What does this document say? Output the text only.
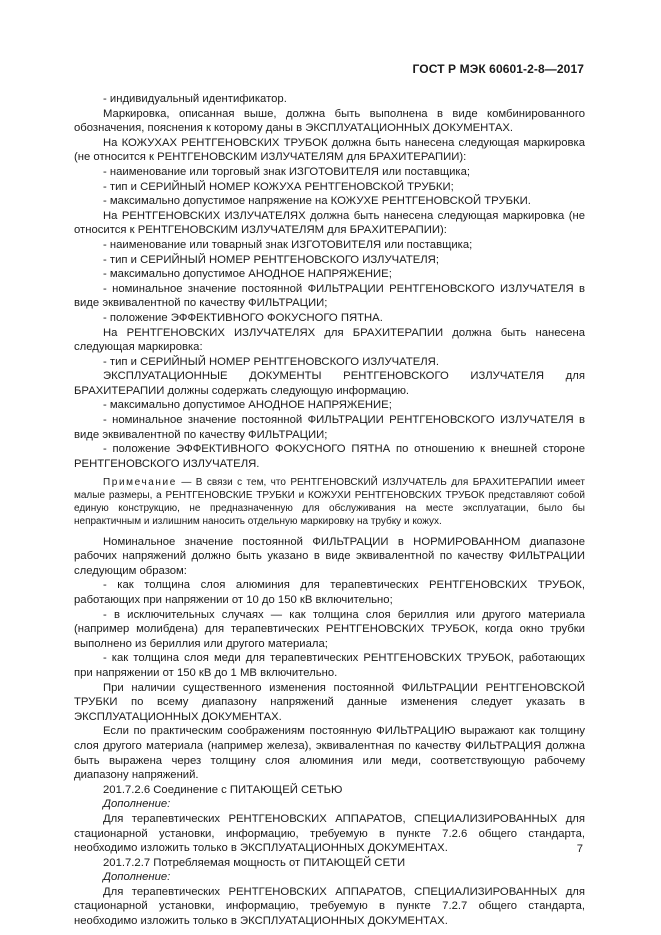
ГОСТ Р МЭК 60601-2-8—2017

- индивидуальный идентификатор.

Маркировка, описанная выше, должна быть выполнена в виде комбинированного обозначения, пояснения к которому даны в ЭКСПЛУАТАЦИОННЫХ ДОКУМЕНТАХ.

На КОЖУХАХ РЕНТГЕНОВСКИХ ТРУБОК должна быть нанесена следующая маркировка (не относится к РЕНТГЕНОВСКИМ ИЗЛУЧАТЕЛЯМ для БРАХИТЕРАПИИ):

- наименование или торговый знак ИЗГОТОВИТЕЛЯ или поставщика;

- тип и СЕРИЙНЫЙ НОМЕР КОЖУХА РЕНТГЕНОВСКОЙ ТРУБКИ;

- максимально допустимое напряжение на КОЖУХЕ РЕНТГЕНОВСКОЙ ТРУБКИ.

На РЕНТГЕНОВСКИХ ИЗЛУЧАТЕЛЯХ должна быть нанесена следующая маркировка (не относится к РЕНТГЕНОВСКИМ ИЗЛУЧАТЕЛЯМ для БРАХИТЕРАПИИ):

- наименование или товарный знак ИЗГОТОВИТЕЛЯ или поставщика;

- тип и СЕРИЙНЫЙ НОМЕР РЕНТГЕНОВСКОГО ИЗЛУЧАТЕЛЯ;

- максимально допустимое АНОДНОЕ НАПРЯЖЕНИЕ;

- номинальное значение постоянной ФИЛЬТРАЦИИ РЕНТГЕНОВСКОГО ИЗЛУЧАТЕЛЯ в виде эквивалентной по качеству ФИЛЬТРАЦИИ;

- положение ЭФФЕКТИВНОГО ФОКУСНОГО ПЯТНА.

На РЕНТГЕНОВСКИХ ИЗЛУЧАТЕЛЯХ для БРАХИТЕРАПИИ должна быть нанесена следующая маркировка:

- тип и СЕРИЙНЫЙ НОМЕР РЕНТГЕНОВСКОГО ИЗЛУЧАТЕЛЯ.

ЭКСПЛУАТАЦИОННЫЕ ДОКУМЕНТЫ РЕНТГЕНОВСКОГО ИЗЛУЧАТЕЛЯ для БРАХИТЕРАПИИ должны содержать следующую информацию.

- максимально допустимое АНОДНОЕ НАПРЯЖЕНИЕ;

- номинальное значение постоянной ФИЛЬТРАЦИИ РЕНТГЕНОВСКОГО ИЗЛУЧАТЕЛЯ в виде эквивалентной по качеству ФИЛЬТРАЦИИ;

- положение ЭФФЕКТИВНОГО ФОКУСНОГО ПЯТНА по отношению к внешней стороне РЕНТГЕНОВСКОГО ИЗЛУЧАТЕЛЯ.

Примечание — В связи с тем, что РЕНТГЕНОВСКИЙ ИЗЛУЧАТЕЛЬ для БРАХИТЕРАПИИ имеет малые размеры, а РЕНТГЕНОВСКИЕ ТРУБКИ и КОЖУХИ РЕНТГЕНОВСКИХ ТРУБОК представляют собой единую конструкцию, не предназначенную для обслуживания на месте эксплуатации, было бы непрактичным и излишним наносить отдельную маркировку на трубку и кожух.

Номинальное значение постоянной ФИЛЬТРАЦИИ в НОРМИРОВАННОМ диапазоне рабочих напряжений должно быть указано в виде эквивалентной по качеству ФИЛЬТРАЦИИ следующим образом:

- как толщина слоя алюминия для терапевтических РЕНТГЕНОВСКИХ ТРУБОК, работающих при напряжении от 10 до 150 кВ включительно;

- в исключительных случаях — как толщина слоя бериллия или другого материала (например молибдена) для терапевтических РЕНТГЕНОВСКИХ ТРУБОК, когда окно трубки выполнено из бериллия или другого материала;

- как толщина слоя меди для терапевтических РЕНТГЕНОВСКИХ ТРУБОК, работающих при напряжении от 150 кВ до 1 МВ включительно.

При наличии существенного изменения постоянной ФИЛЬТРАЦИИ РЕНТГЕНОВСКОЙ ТРУБКИ по всему диапазону напряжений данные изменения следует указать в ЭКСПЛУАТАЦИОННЫХ ДОКУМЕНТАХ.

Если по практическим соображениям постоянную ФИЛЬТРАЦИЮ выражают как толщину слоя другого материала (например железа), эквивалентная по качеству ФИЛЬТРАЦИЯ должна быть выражена через толщину слоя алюминия или меди, соответствующую рабочему диапазону напряжений.

201.7.2.6 Соединение с ПИТАЮЩЕЙ СЕТЬЮ

Дополнение:

Для терапевтических РЕНТГЕНОВСКИХ АППАРАТОВ, СПЕЦИАЛИЗИРОВАННЫХ для стационарной установки, информацию, требуемую в пункте 7.2.6 общего стандарта, необходимо изложить только в ЭКСПЛУАТАЦИОННЫХ ДОКУМЕНТАХ.

201.7.2.7 Потребляемая мощность от ПИТАЮЩЕЙ СЕТИ

Дополнение:

Для терапевтических РЕНТГЕНОВСКИХ АППАРАТОВ, СПЕЦИАЛИЗИРОВАННЫХ для стационарной установки, информацию, требуемую в пункте 7.2.7 общего стандарта, необходимо изложить только в ЭКСПЛУАТАЦИОННЫХ ДОКУМЕНТАХ.

7
